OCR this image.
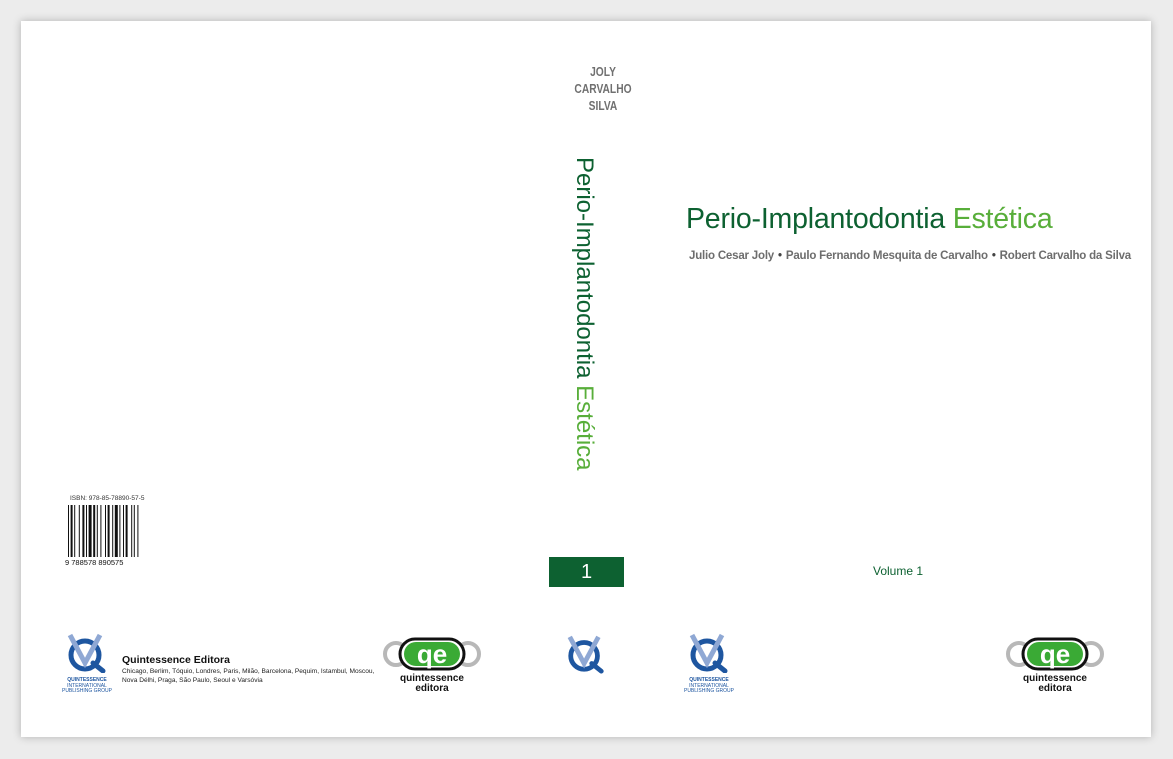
ISBN: 978-85-78890-57-5
9 788578 890575
QUINTESSENCE
INTERNATIONAL
PUBLISHING GROUP
Quintessence Editora
Chicago, Berlim, Tóquio, Londres, Paris, Milão, Barcelona, Pequim, Istambul, Moscou, Nova Délhi, Praga, São Paulo, Seoul e Varsóvia
qe
quintessence
editora
JOLY
CARVALHO
SILVA
Perio-Implantodontia Estética
1
Perio-Implantodontia Estética
Julio Cesar Joly • Paulo Fernando Mesquita de Carvalho • Robert Carvalho da Silva
Volume 1
QUINTESSENCE
INTERNATIONAL
PUBLISHING GROUP
qe
quintessence
editora
